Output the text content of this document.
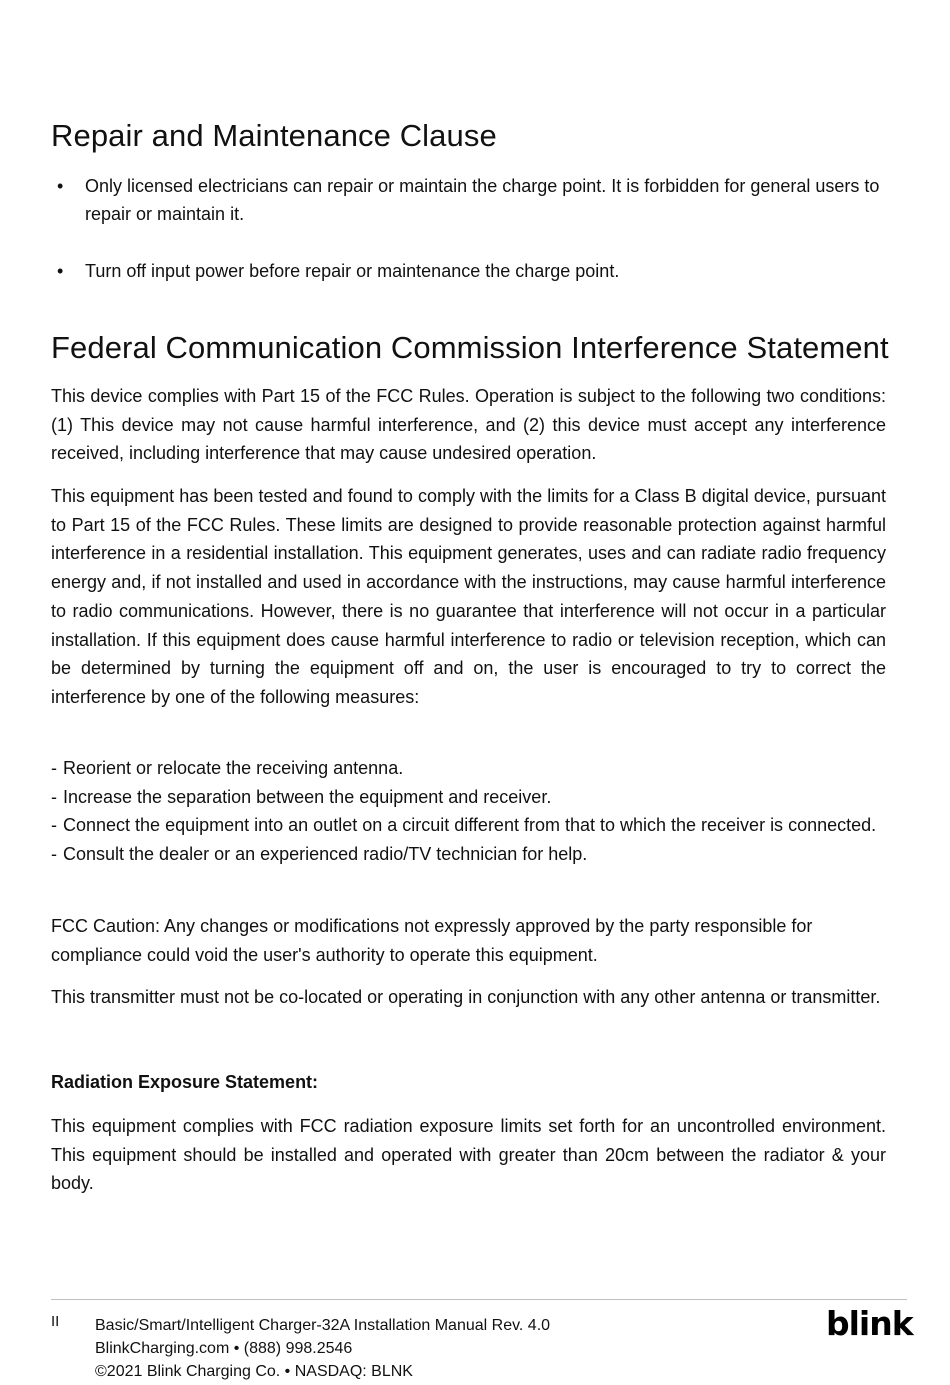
Repair and Maintenance Clause
• Only licensed electricians can repair or maintain the charge point. It is forbidden for general users to repair or maintain it.
• Turn off input power before repair or maintenance the charge point.
Federal Communication Commission Interference Statement

This device complies with Part 15 of the FCC Rules. Operation is subject to the following two conditions: (1) This device may not cause harmful interference, and (2) this device must accept any interference received, including interference that may cause undesired operation.

This equipment has been tested and found to comply with the limits for a Class B digital device, pursuant to Part 15 of the FCC Rules. These limits are designed to provide reasonable protection against harmful interference in a residential installation. This equipment generates, uses and can radiate radio frequency energy and, if not installed and used in accordance with the instructions, may cause harmful interference to radio communications. However, there is no guarantee that interference will not occur in a particular installation. If this equipment does cause harmful interference to radio or television reception, which can be determined by turning the equipment off and on, the user is encouraged to try to correct the interference by one of the following measures:

- Reorient or relocate the receiving antenna.
- Increase the separation between the equipment and receiver.
- Connect the equipment into an outlet on a circuit different from that to which the receiver is connected.
- Consult the dealer or an experienced radio/TV technician for help.

FCC Caution: Any changes or modifications not expressly approved by the party responsible for compliance could void the user's authority to operate this equipment.

This transmitter must not be co-located or operating in conjunction with any other antenna or transmitter.

Radiation Exposure Statement:

This equipment complies with FCC radiation exposure limits set forth for an uncontrolled environment. This equipment should be installed and operated with greater than 20cm between the radiator & your body.

II Basic/Smart/Intelligent Charger-32A Installation Manual Rev. 4.0
BlinkCharging.com • (888) 998.2546
©2021 Blink Charging Co. • NASDAQ: BLNK
blink
